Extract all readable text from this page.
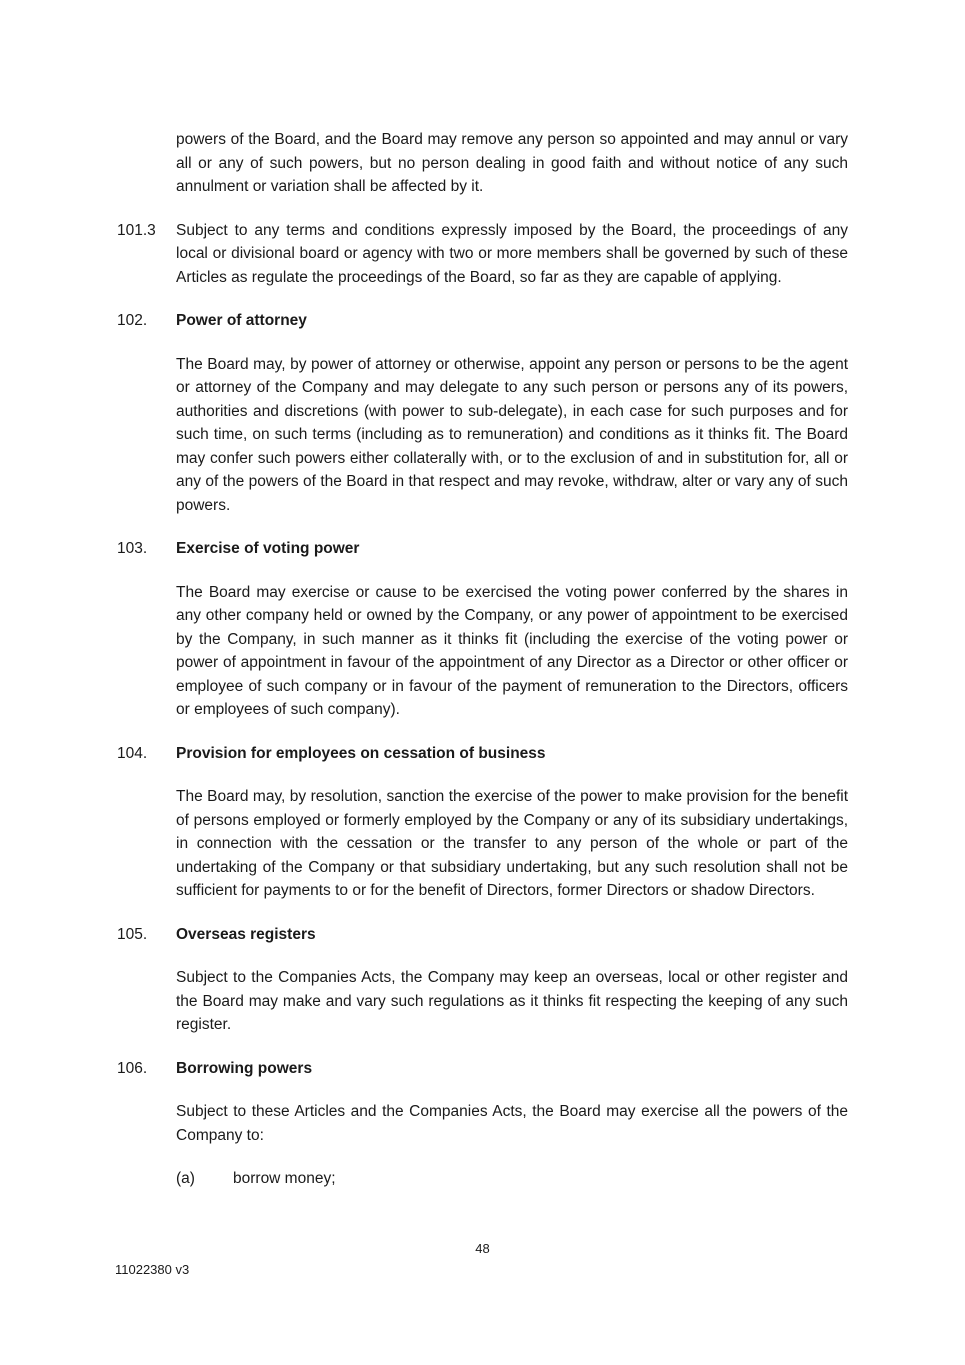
powers of the Board, and the Board may remove any person so appointed and may annul or vary all or any of such powers, but no person dealing in good faith and without notice of any such annulment or variation shall be affected by it.

101.3 Subject to any terms and conditions expressly imposed by the Board, the proceedings of any local or divisional board or agency with two or more members shall be governed by such of these Articles as regulate the proceedings of the Board, so far as they are capable of applying.

102. Power of attorney

The Board may, by power of attorney or otherwise, appoint any person or persons to be the agent or attorney of the Company and may delegate to any such person or persons any of its powers, authorities and discretions (with power to sub-delegate), in each case for such purposes and for such time, on such terms (including as to remuneration) and conditions as it thinks fit. The Board may confer such powers either collaterally with, or to the exclusion of and in substitution for, all or any of the powers of the Board in that respect and may revoke, withdraw, alter or vary any of such powers.

103. Exercise of voting power

The Board may exercise or cause to be exercised the voting power conferred by the shares in any other company held or owned by the Company, or any power of appointment to be exercised by the Company, in such manner as it thinks fit (including the exercise of the voting power or power of appointment in favour of the appointment of any Director as a Director or other officer or employee of such company or in favour of the payment of remuneration to the Directors, officers or employees of such company).

104. Provision for employees on cessation of business

The Board may, by resolution, sanction the exercise of the power to make provision for the benefit of persons employed or formerly employed by the Company or any of its subsidiary undertakings, in connection with the cessation or the transfer to any person of the whole or part of the undertaking of the Company or that subsidiary undertaking, but any such resolution shall not be sufficient for payments to or for the benefit of Directors, former Directors or shadow Directors.

105. Overseas registers

Subject to the Companies Acts, the Company may keep an overseas, local or other register and the Board may make and vary such regulations as it thinks fit respecting the keeping of any such register.

106. Borrowing powers

Subject to these Articles and the Companies Acts, the Board may exercise all the powers of the Company to:

(a) borrow money;

48
11022380 v3
